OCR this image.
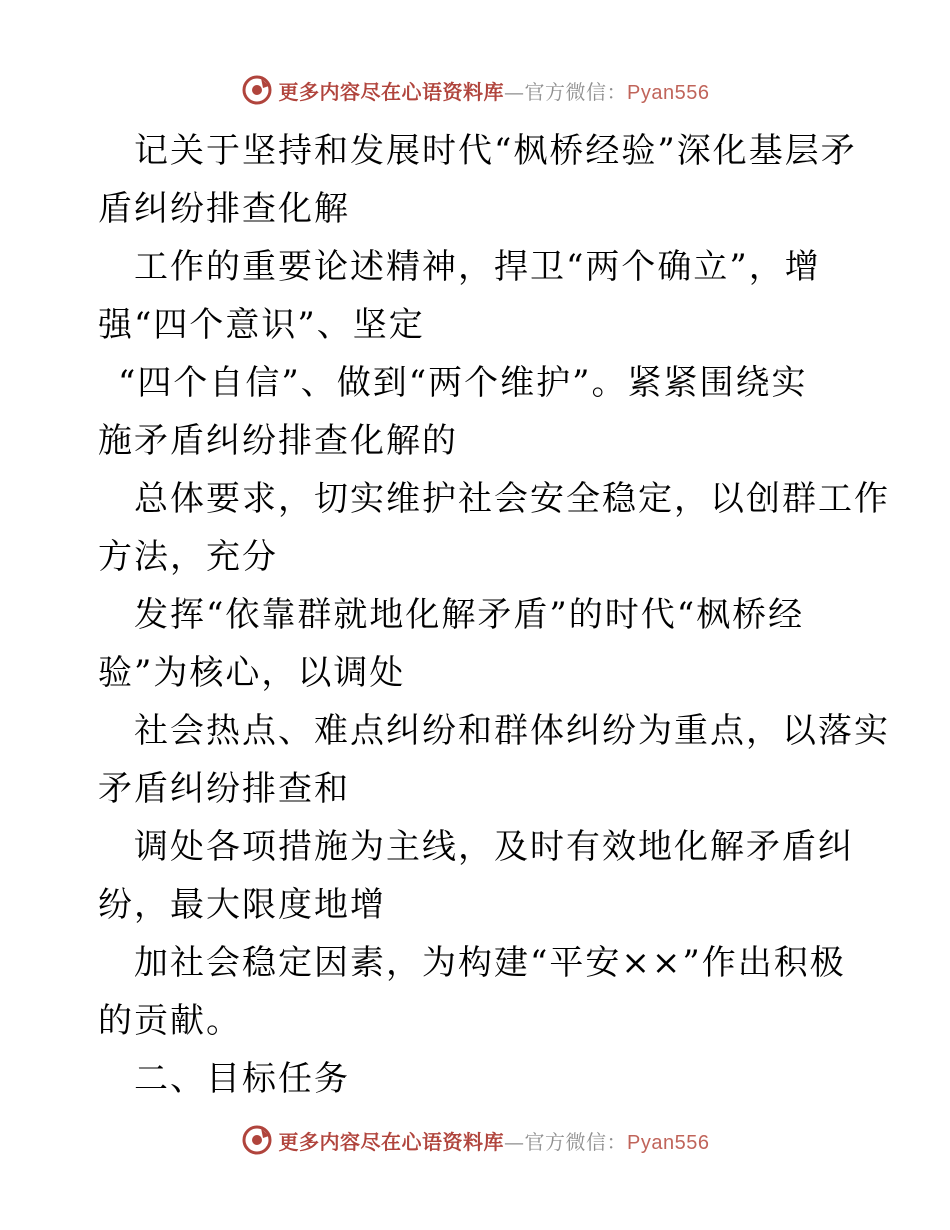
更多内容尽在心语资料库—官方微信：Pyan556
记关于坚持和发展时代“枫桥经验”深化基层矛
盾纠纷排查化解
工作的重要论述精神，捍卫“两个确立”，增
强“四个意识”、坚定
“四个自信”、做到“两个维护”。紧紧围绕实
施矛盾纠纷排查化解的
总体要求，切实维护社会安全稳定，以创群工作
方法，充分
发挥“依靠群就地化解矛盾”的时代“枫桥经
验”为核心，以调处
社会热点、难点纠纷和群体纠纷为重点，以落实
矛盾纠纷排查和
调处各项措施为主线，及时有效地化解矛盾纠
纷，最大限度地增
加社会稳定因素，为构建“平安××”作出积极
的贡献。
二、目标任务
更多内容尽在心语资料库—官方微信：Pyan556
